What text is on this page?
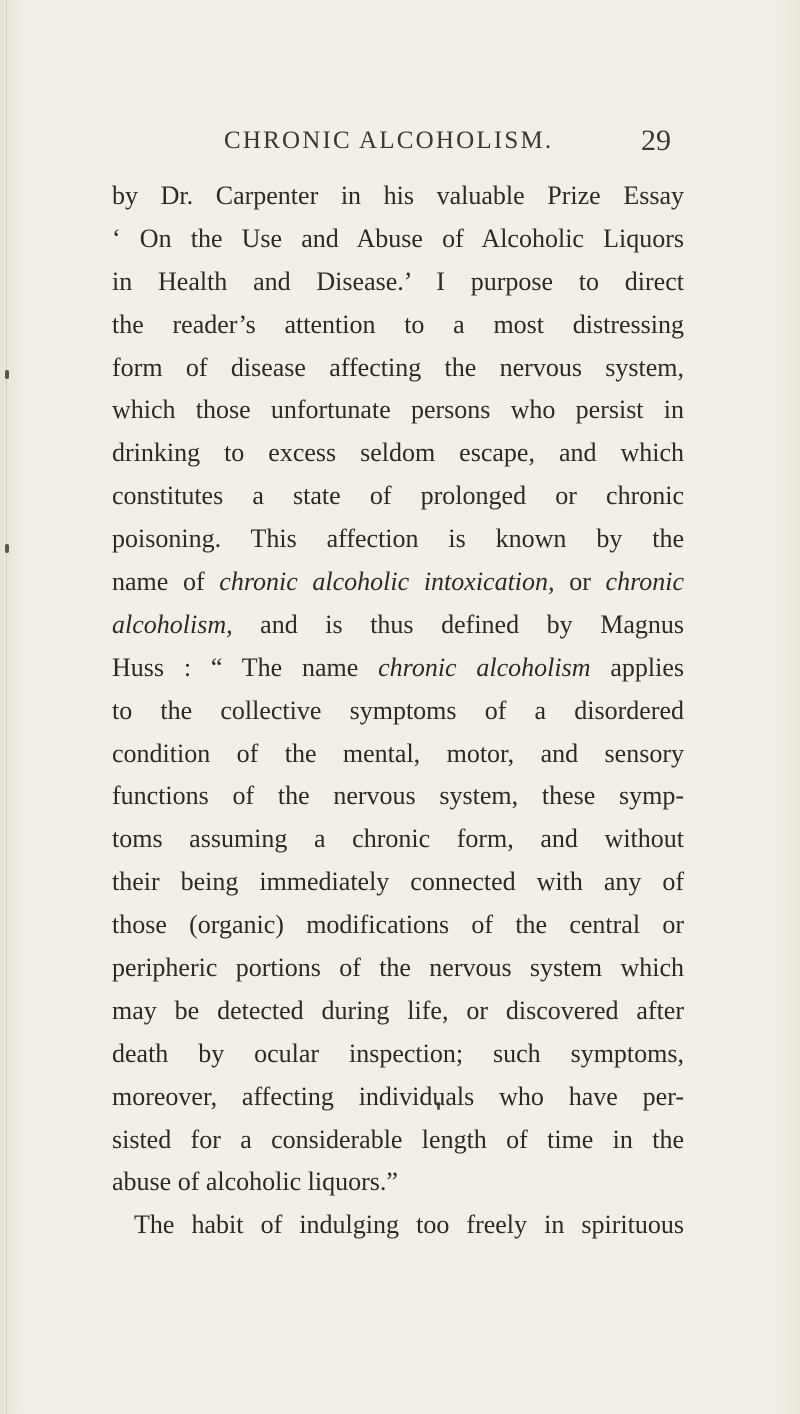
CHRONIC ALCOHOLISM.	29
by Dr. Carpenter in his valuable Prize Essay
‘ On the Use and Abuse of Alcoholic Liquors
in Health and Disease.’ I purpose to direct
the reader’s attention to a most distressing
form of disease affecting the nervous system,
which those unfortunate persons who persist in
drinking to excess seldom escape, and which
constitutes a state of prolonged or chronic
poisoning. This affection is known by the
name of chronic alcoholic intoxication, or chronic
alcoholism, and is thus defined by Magnus
Huss : “ The name chronic alcoholism applies
to the collective symptoms of a disordered
condition of the mental, motor, and sensory
functions of the nervous system, these symp-
toms assuming a chronic form, and without
their being immediately connected with any of
those (organic) modifications of the central or
peripheric portions of the nervous system which
may be detected during life, or discovered after
death by ocular inspection; such symptoms,
moreover, affecting individuals who have per-
sisted for a considerable length of time in the
abuse of alcoholic liquors.”
The habit of indulging too freely in spirituous
